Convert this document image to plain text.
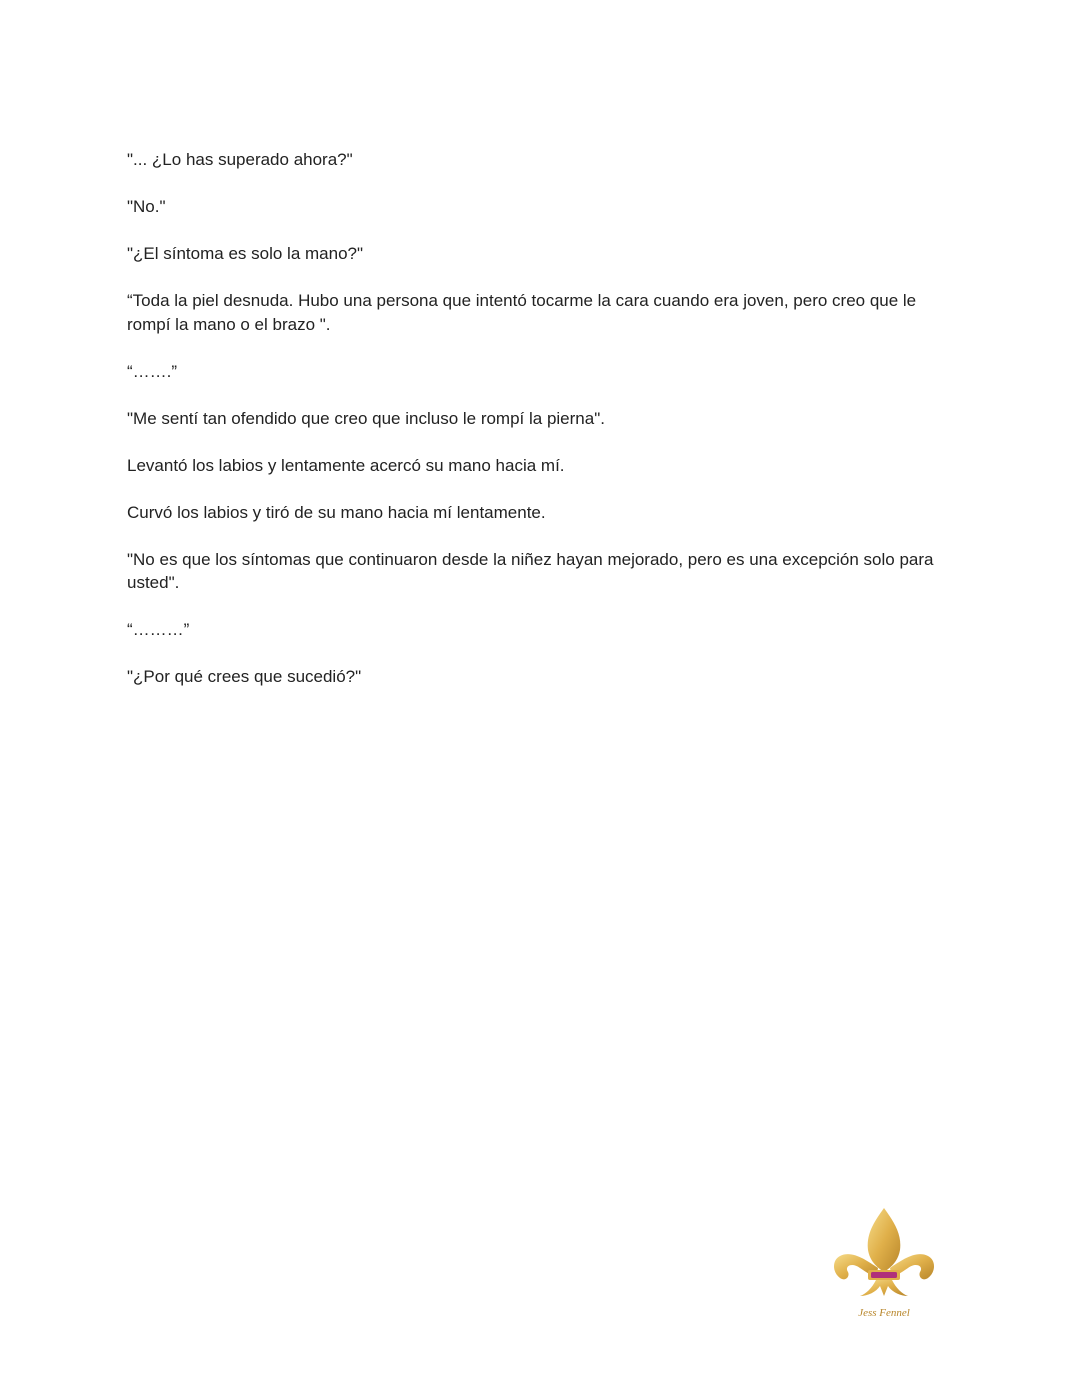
"... ¿Lo has superado ahora?"

"No."

"¿El síntoma es solo la mano?"

“Toda la piel desnuda. Hubo una persona que intentó tocarme la cara cuando era joven, pero creo que le rompí la mano o el brazo ".

“…….”

"Me sentí tan ofendido que creo que incluso le rompí la pierna".

Levantó los labios y lentamente acercó su mano hacia mí.

Curvó los labios y tiró de su mano hacia mí lentamente.

"No es que los síntomas que continuaron desde la niñez hayan mejorado, pero es una excepción solo para usted".

“………”

"¿Por qué crees que sucedió?"

Jess Fennel
